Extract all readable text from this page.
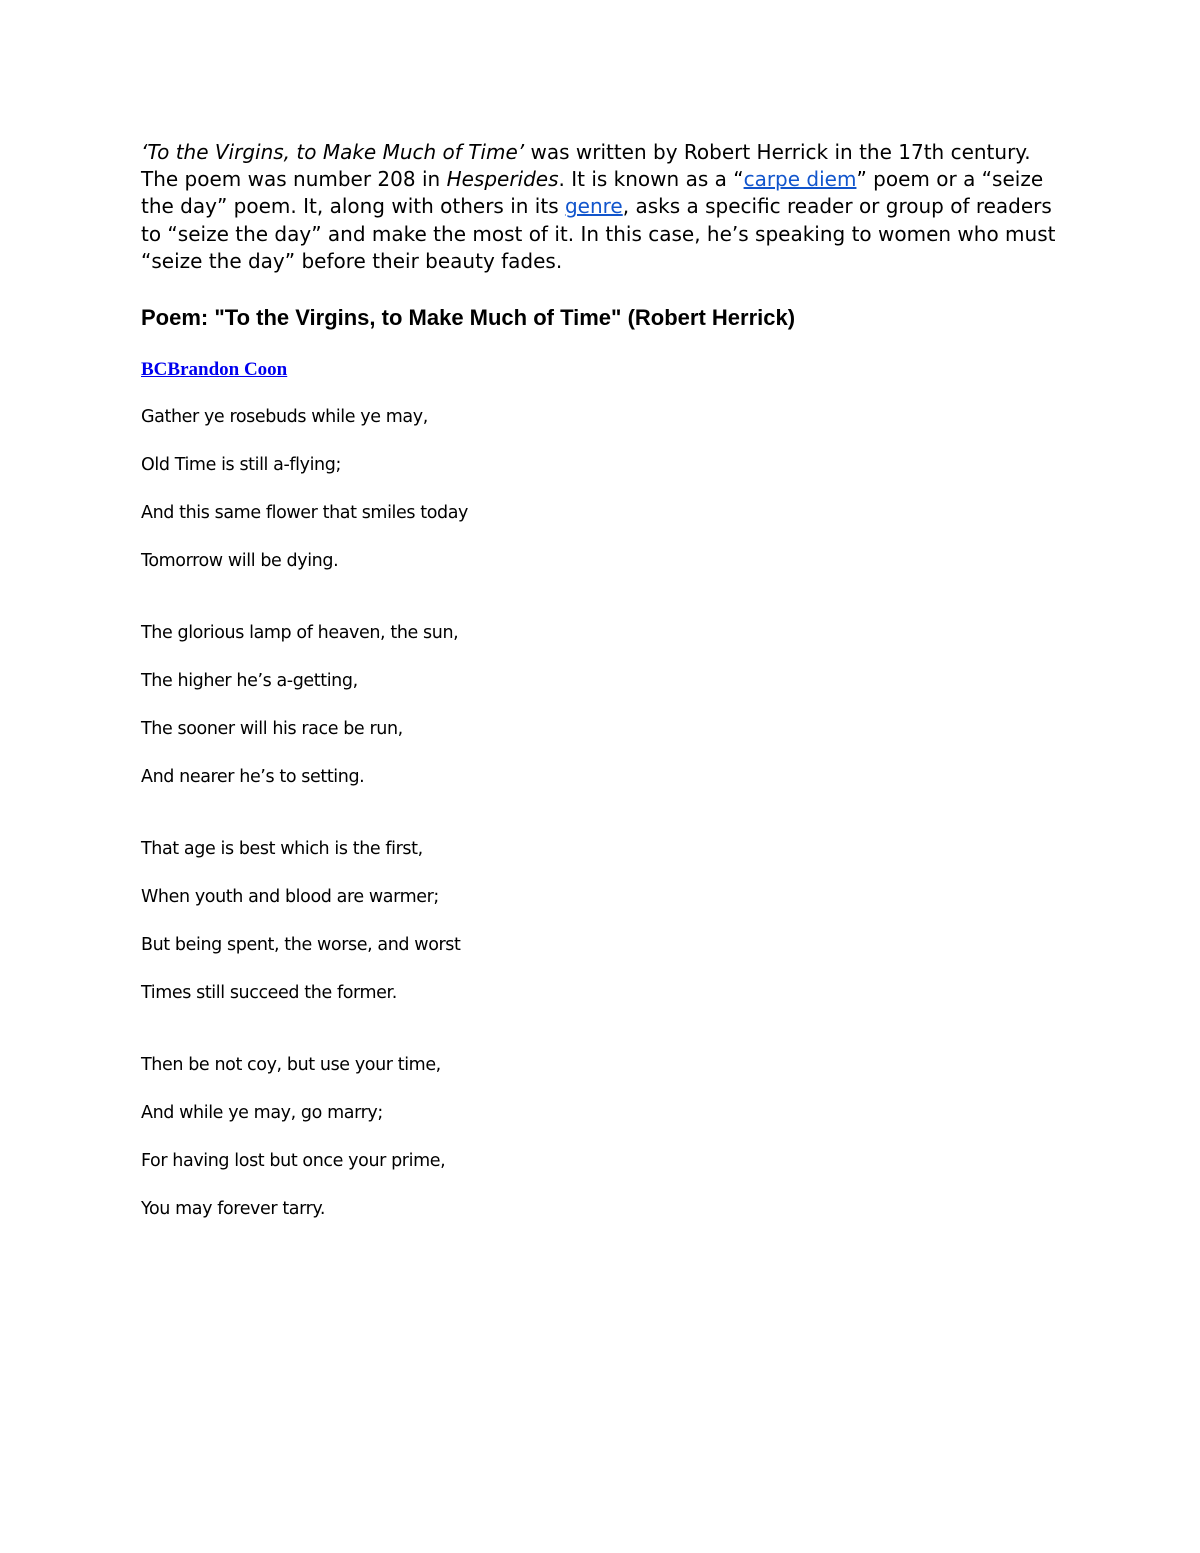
‘To the Virgins, to Make Much of Time’ was written by Robert Herrick in the 17th century. The poem was number 208 in Hesperides. It is known as a “carpe diem” poem or a “seize the day” poem. It, along with others in its genre, asks a specific reader or group of readers to “seize the day” and make the most of it. In this case, he’s speaking to women who must “seize the day” before their beauty fades.

Poem: "To the Virgins, to Make Much of Time" (Robert Herrick)
BCBrandon Coon
Gather ye rosebuds while ye may,
Old Time is still a-flying;
And this same flower that smiles today
Tomorrow will be dying.
The glorious lamp of heaven, the sun,
The higher he’s a-getting,
The sooner will his race be run,
And nearer he’s to setting.
That age is best which is the first,
When youth and blood are warmer;
But being spent, the worse, and worst
Times still succeed the former.
Then be not coy, but use your time,
And while ye may, go marry;
For having lost but once your prime,
You may forever tarry.
